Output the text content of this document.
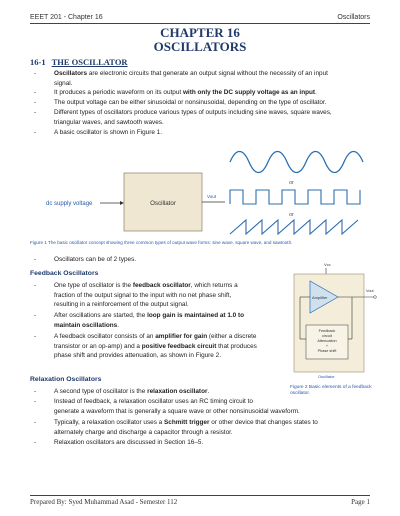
EEET 201 - Chapter 16	Oscillators
CHAPTER 16
OSCILLATORS
16-1 THE OSCILLATOR
-	Oscillators are electronic circuits that generate an output signal without the necessity of an input
signal.
-	It produces a periodic waveform on its output with only the DC supply voltage as an input.
-	The output voltage can be either sinusoidal or nonsinusoidal, depending on the type of oscillator.
-	Different types of oscillators produce various types of outputs including sine waves, square waves,
triangular waves, and sawtooth waves.
-	A basic oscillator is shown in Figure 1.
dc supply voltage	Oscillator
Vout
or
or
Figure 1 The basic oscillator concept showing three common types of output wave forms: sine wave, square wave, and sawtooth.
-	Oscillators can be of 2 types.
Feedback Oscillators
-	One type of oscillator is the feedback oscillator, which returns a
fraction of the output signal to the input with no net phase shift,
resulting in a reinforcement of the output signal.
-	After oscillations are started, the loop gain is maintained at 1.0 to
maintain oscillations.
-	A feedback oscillator consists of an amplifier for gain (either a discrete
transistor or an op-amp) and a positive feedback circuit that produces
phase shift and provides attenuation, as shown in Figure 2.
Vcc
Amplifier
Vout
Feedback
circuit
Attenuation
+
Phase shift
Oscillator
Figure 2 Basic elements of a feedback oscillator.
Relaxation Oscillators
-	A second type of oscillator is the relaxation oscillator.
-	Instead of feedback, a relaxation oscillator uses an RC timing circuit to
generate a waveform that is generally a square wave or other nonsinusoidal waveform.
-	Typically, a relaxation oscillator uses a Schmitt trigger or other device that changes states to
alternately charge and discharge a capacitor through a resistor.
-	Relaxation oscillators are discussed in Section 16–5.
Prepared By: Syed Muhammad Asad - Semester 112	Page 1
